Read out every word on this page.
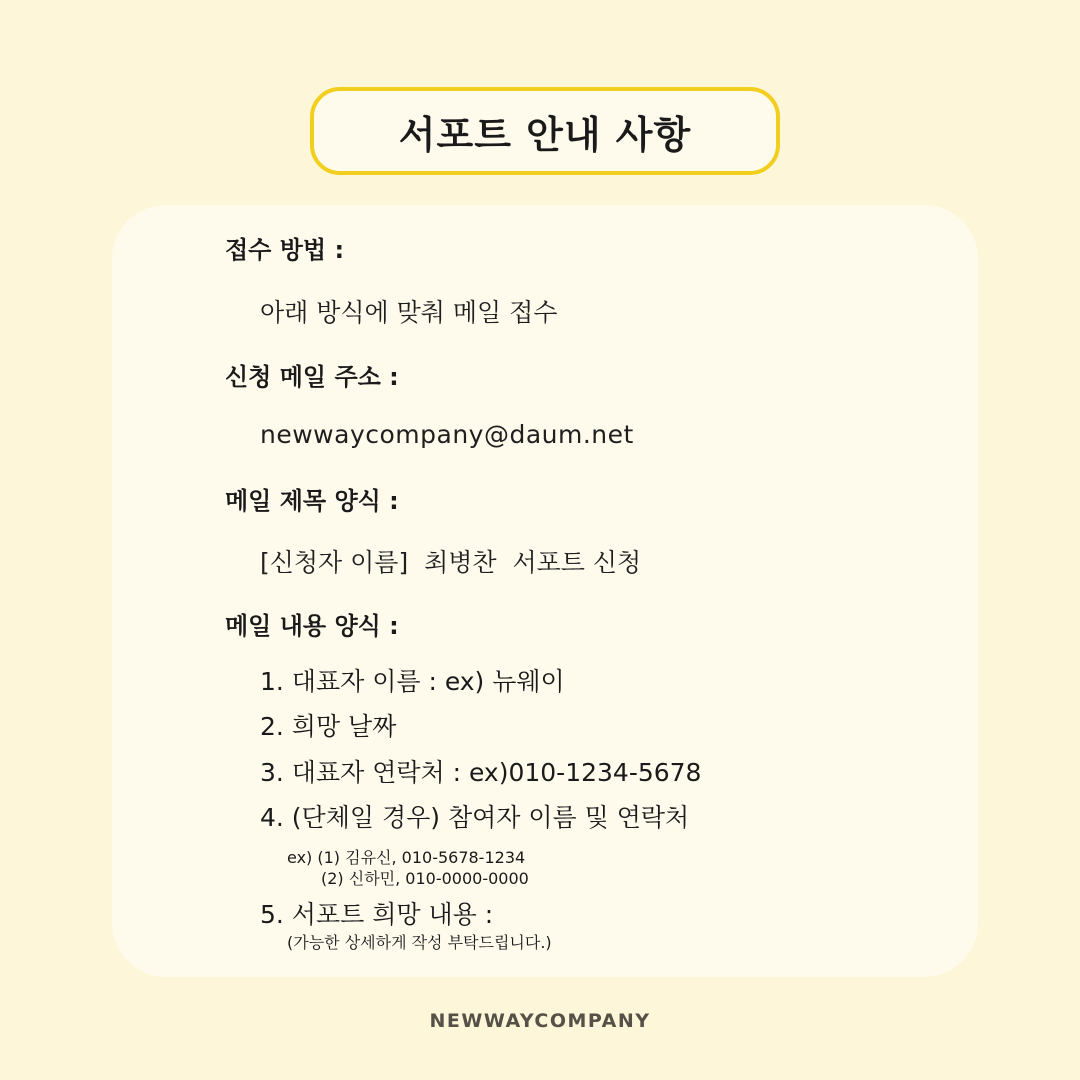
서포트 안내 사항
접수 방법 :
아래 방식에 맞춰 메일 접수
신청 메일 주소 :
newwaycompany@daum.net
메일 제목 양식 :
[신청자 이름]  최병찬  서포트 신청
메일 내용 양식 :
1. 대표자 이름 : ex) 뉴웨이
2. 희망 날짜
3. 대표자 연락처 : ex)010-1234-5678
4. (단체일 경우) 참여자 이름 및 연락처
ex) (1) 김유신, 010-5678-1234
(2) 신하민, 010-0000-0000
5. 서포트 희망 내용 :
(가능한 상세하게 작성 부탁드립니다.)
NEWWAYCOMPANY
